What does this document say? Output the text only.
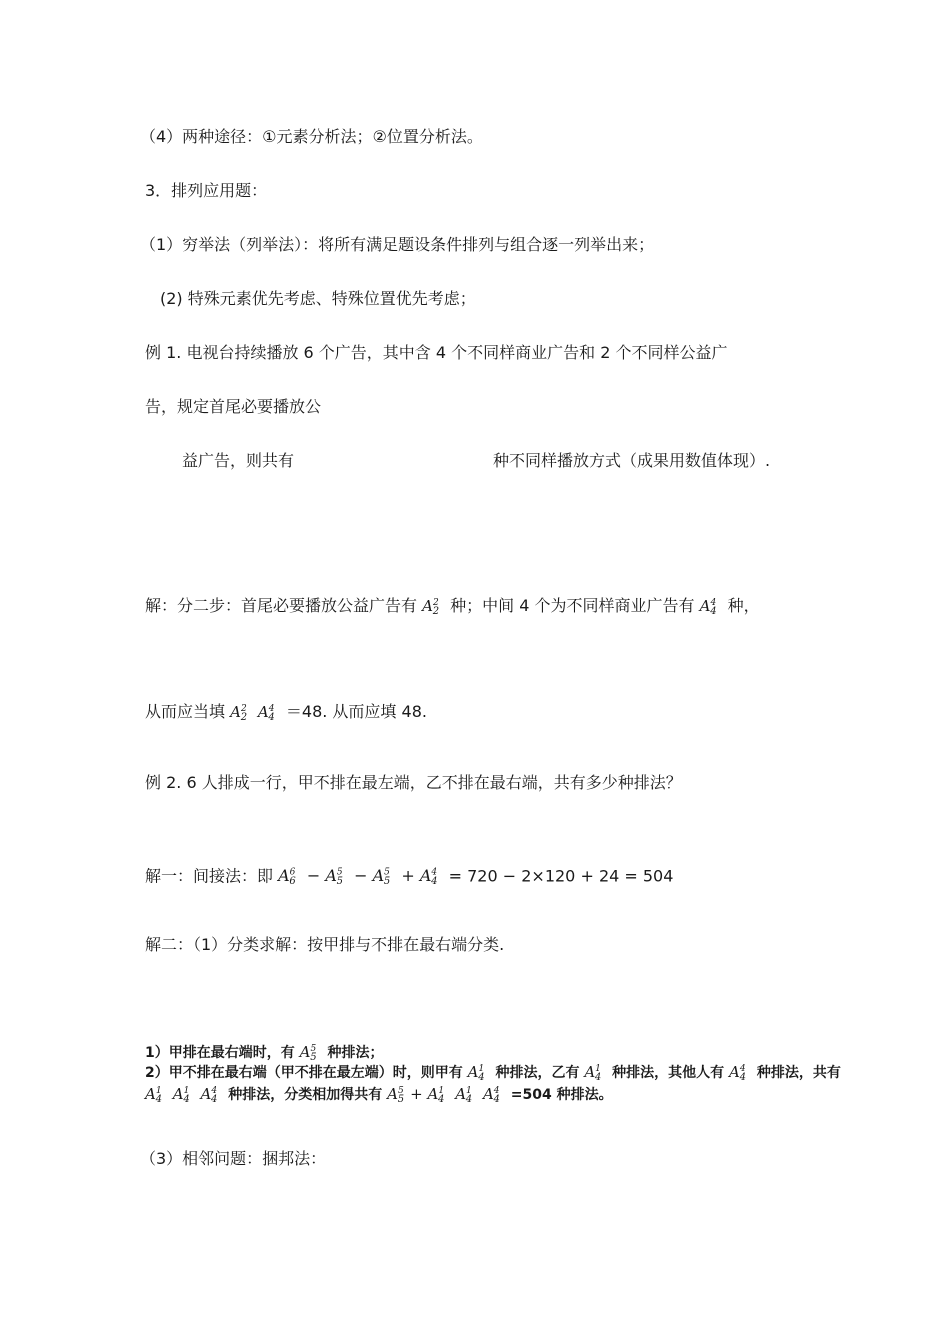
（4）两种途径：①元素分析法；②位置分析法。
3．排列应用题：
（1）穷举法（列举法）：将所有满足题设条件排列与组合逐一列举出来；
(2) 特殊元素优先考虑、特殊位置优先考虑；
例 1. 电视台持续播放 6 个广告，其中含 4 个不同样商业广告和 2 个不同样公益广
告，规定首尾必要播放公
益广告，则共有	种不同样播放方式（成果用数值体现）.
解：分二步：首尾必要播放公益广告有 $A^2_2$ 种；中间 4 个为不同样商业广告有 $A^4_4$ 种，
从而应当填 $A^2_2$ $A^4_4 =48$. 从而应填 48.
例 2. 6 人排成一行，甲不排在最左端，乙不排在最右端，共有多少种排法？
解一：间接法：即 $A^66 - A^55 - A^55 + A^44 = 720 - 2\times 120 + 24 = 504$
解二：（1）分类求解：按甲排与不排在最右端分类.
1）甲排在最右端时，有 $A^5_5$ 种排法；
2）甲不排在最右端（甲不排在最左端）时，则甲有 $A^1_4$ 种排法，乙有 $A^1_4$ 种排法，其他人有 $A^4_4$ 种排法，共有
$A^1_4$ $A^1_4$ $A^4_4$ 种排法，分类相加得共有 $A^5_5 + A^1_4$ $A^1_4$ $A^4_4 =504$ 种排法。
（3）相邻问题：捆邦法：
